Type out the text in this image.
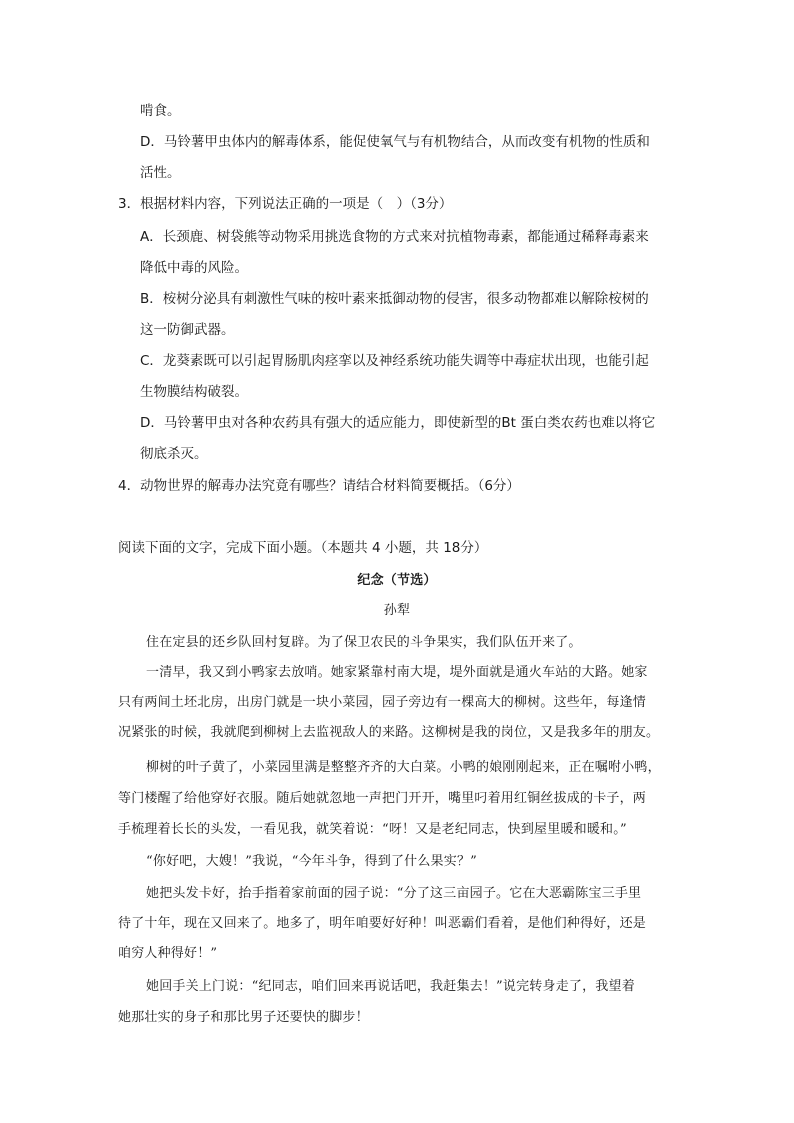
啃食。
D．马铃薯甲虫体内的解毒体系，能促使氧气与有机物结合，从而改变有机物的性质和
活性。
3．根据材料内容，下列说法正确的一项是（　）（3分）
A．长颈鹿、树袋熊等动物采用挑选食物的方式来对抗植物毒素，都能通过稀释毒素来
降低中毒的风险。
B．桉树分泌具有刺激性气味的桉叶素来抵御动物的侵害，很多动物都难以解除桉树的
这一防御武器。
C．龙葵素既可以引起胃肠肌肉痉挛以及神经系统功能失调等中毒症状出现，也能引起
生物膜结构破裂。
D．马铃薯甲虫对各种农药具有强大的适应能力，即使新型的Bt 蛋白类农药也难以将它
彻底杀灭。
4．动物世界的解毒办法究竟有哪些？请结合材料简要概括。（6分）
阅读下面的文字，完成下面小题。（本题共 4 小题，共 18分）
纪念（节选）
孙犁
住在定县的还乡队回村复辟。为了保卫农民的斗争果实，我们队伍开来了。
一清早，我又到小鸭家去放哨。她家紧靠村南大堤，堤外面就是通火车站的大路。她家
只有两间土坯北房，出房门就是一块小菜园，园子旁边有一棵高大的柳树。这些年，每逢情
况紧张的时候，我就爬到柳树上去监视敌人的来路。这柳树是我的岗位，又是我多年的朋友。
柳树的叶子黄了，小菜园里满是整整齐齐的大白菜。小鸭的娘刚刚起来，正在嘱咐小鸭，
等门楼醒了给他穿好衣服。随后她就忽地一声把门开开，嘴里叼着用红铜丝拔成的卡子，两
手梳理着长长的头发，一看见我，就笑着说：“呀！又是老纪同志，快到屋里暖和暖和。”
“你好吧，大嫂！”我说，“今年斗争，得到了什么果实？”
她把头发卡好，抬手指着家前面的园子说：“分了这三亩园子。它在大恶霸陈宝三手里
待了十年，现在又回来了。地多了，明年咱要好好种！叫恶霸们看着，是他们种得好，还是
咱穷人种得好！”
她回手关上门说：“纪同志，咱们回来再说话吧，我赶集去！”说完转身走了，我望着
她那壮实的身子和那比男子还要快的脚步！
